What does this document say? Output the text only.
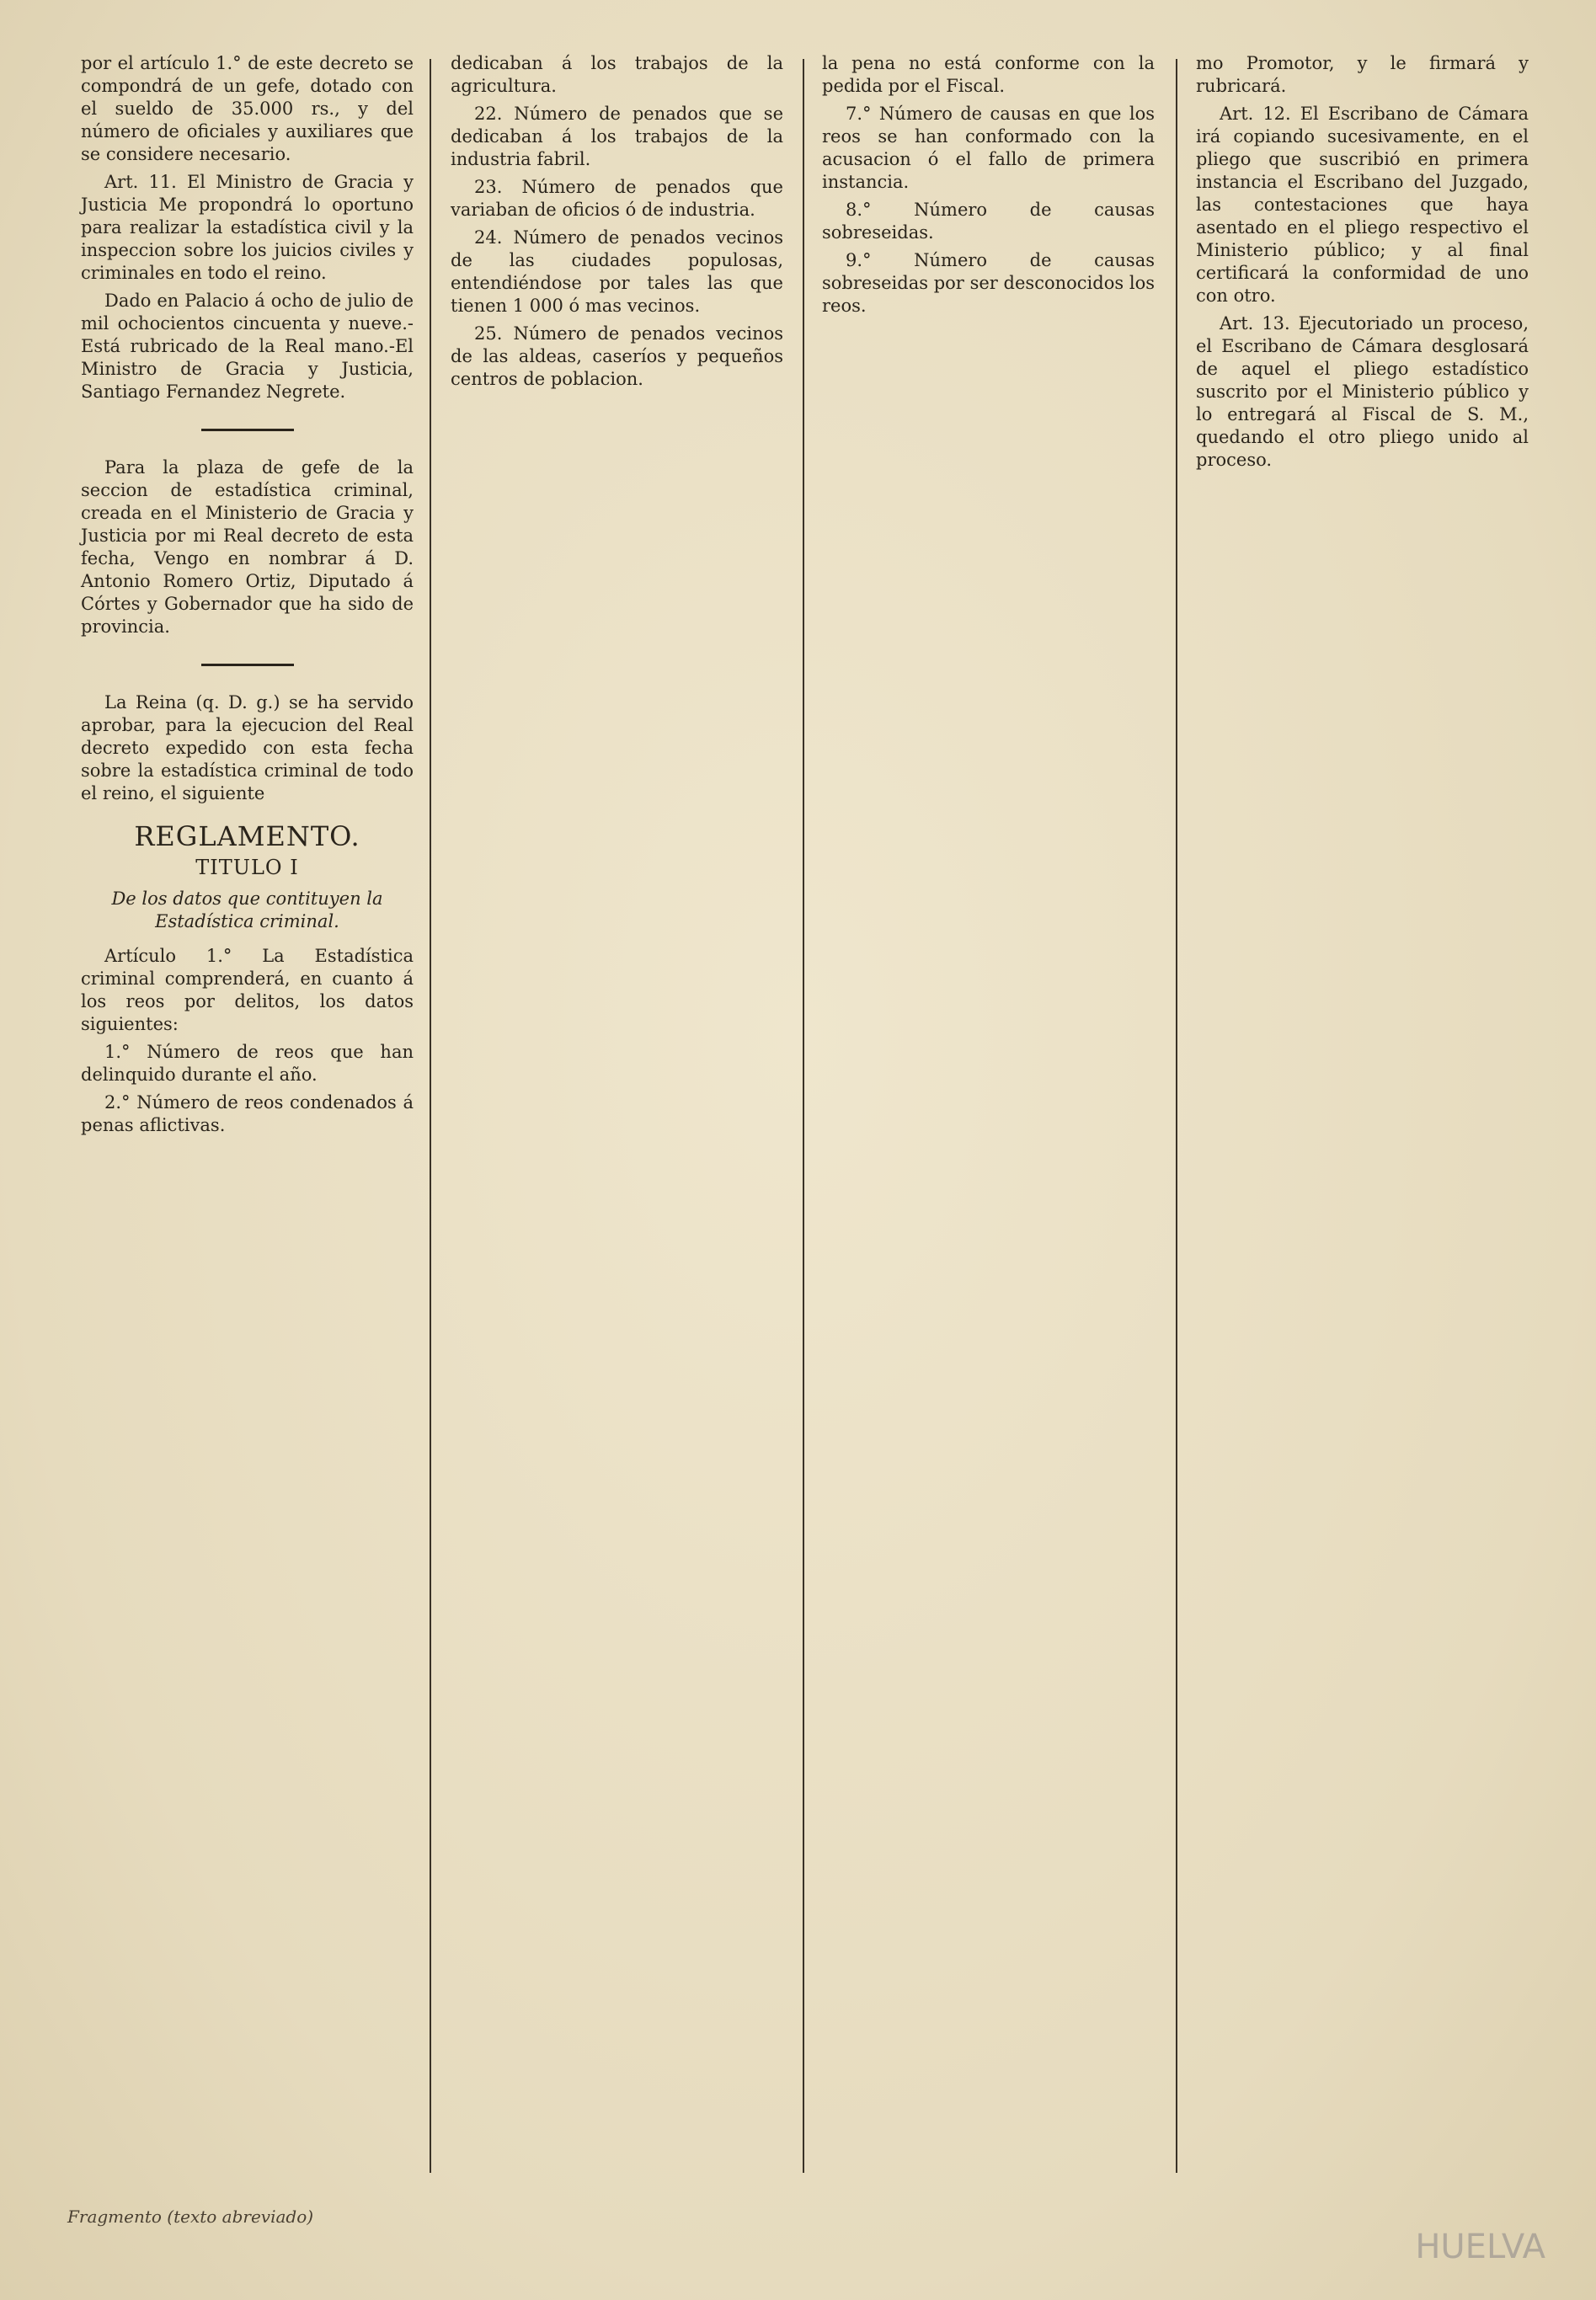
por el artículo 1.° de este decreto se compondrá de un gefe, dotado con el sueldo de 35.000 rs., y del número de oficiales y auxiliares que se considere necesario.

Art. 11. El Ministro de Gracia y Justicia Me propondrá lo oportuno para realizar la estadística civil y la inspeccion sobre los juicios civiles y criminales en todo el reino.

Dado en Palacio á ocho de julio de mil ochocientos cincuenta y nueve.- Está rubricado de la Real mano.-El Ministro de Gracia y Justicia, Santiago Fernandez Negrete.

Para la plaza de gefe de la seccion de estadística criminal, creada en el Ministerio de Gracia y Justicia por mi Real decreto de esta fecha, Vengo en nombrar á D. Antonio Romero Ortiz, Diputado á Córtes y Gobernador que ha sido de provincia.

La Reina (q. D. g.) se ha servido aprobar, para la ejecucion del Real decreto expedido con esta fecha sobre la estadística criminal de todo el reino, el siguiente

REGLAMENTO.
TITULO I

De los datos que contituyen la Estadística criminal.

Artículo 1.° La Estadística criminal comprenderá, en cuanto á los reos por delitos, los datos siguientes:

1.° Número de reos que han delinquido durante el año.

2.° Número de reos condenados á penas aflictivas.

dedicaban á los trabajos de la agricultura.

22. Número de penados que se dedicaban á los trabajos de la industria fabril.

23. Número de penados que variaban de oficios ó de industria.

24. Número de penados vecinos de las ciudades populosas, entendiéndose por tales las que tienen 1 000 ó mas vecinos.

25. Número de penados vecinos de las aldeas, caseríos y pequeños centros de poblacion.

la pena no está conforme con la pedida por el Fiscal.

7.° Número de causas en que los reos se han conformado con la acusacion ó el fallo de primera instancia.

8.° Número de causas sobreseidas.

9.° Número de causas sobreseidas por ser desconocidos los reos.

mo Promotor, y le firmará y rubricará.

Art. 12. El Escribano de Cámara irá copiando sucesivamente, en el pliego que suscribió en primera instancia el Escribano del Juzgado, las contestaciones que haya asentado en el pliego respectivo el Ministerio público; y al final certificará la conformidad de uno con otro.

Art. 13. Ejecutoriado un proceso, el Escribano de Cámara desglosará de aquel el pliego estadístico suscrito por el Ministerio público y lo entregará al Fiscal de S. M., quedando el otro pliego unido al proceso.

Fragmento (texto abreviado)
HUELVA
